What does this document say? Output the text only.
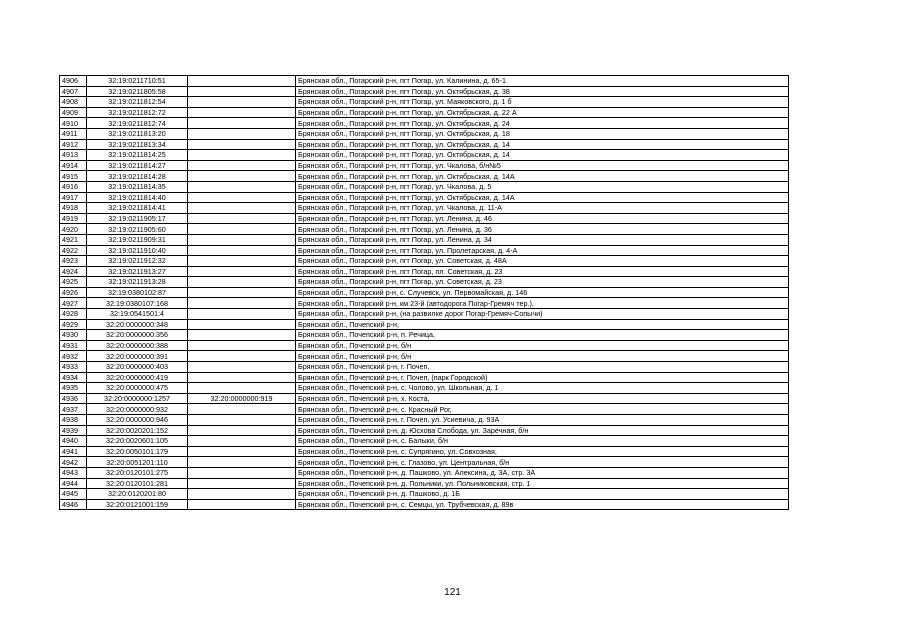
4906	32:19:0211710:51		Брянская обл., Погарский р-н, пгт Погар, ул. Калинина, д. 65-1
4907	32:19:0211805:58		Брянская обл., Погарский р-н, пгт Погар, ул. Октябрьская, д. 38
4908	32:19:0211812:54		Брянская обл., Погарский р-н, пгт Погар, ул. Маяковского, д. 1 б
4909	32:19:0211812:72		Брянская обл., Погарский р-н, пгт Погар, ул. Октябрьская, д. 22 А
4910	32:19:0211812:74		Брянская обл., Погарский р-н, пгт Погар, ул. Октябрьская, д. 24
4911	32:19:0211813:20		Брянская обл., Погарский р-н, пгт Погар, ул. Октябрьская, д. 18
4912	32:19:0211813:34		Брянская обл., Погарский р-н, пгт Погар, ул. Октябрьская, д. 14
4913	32:19:0211814:25		Брянская обл., Погарский р-н, пгт Погар, ул. Октябрьская, д. 14
4914	32:19:0211814:27		Брянская обл., Погарский р-н, пгт Погар, ул. Чкалова, б/н№5
4915	32:19:0211814:28		Брянская обл., Погарский р-н, пгт Погар, ул. Октябрьская, д. 14А
4916	32:19:0211814:35		Брянская обл., Погарский р-н, пгт Погар, ул. Чкалова, д. 5
4917	32:19:0211814:40		Брянская обл., Погарский р-н, пгт Погар, ул. Октябрьская, д. 14А
4918	32:19:0211814:41		Брянская обл., Погарский р-н, пгт Погар, ул. Чкалова, д. 11-А
4919	32:19:0211905:17		Брянская обл., Погарский р-н, пгт Погар, ул. Ленина, д. 46
4920	32:19:0211905:60		Брянская обл., Погарский р-н, пгт Погар, ул. Ленина, д. 36
4921	32:19:0211909:31		Брянская обл., Погарский р-н, пгт Погар, ул. Ленина, д. 34
4922	32:19:0211910:40		Брянская обл., Погарский р-н, пгт Погар, ул. Пролетарская, д. 4-А
4923	32:19:0211912:32		Брянская обл., Погарский р-н, пгт Погар, ул. Советская, д. 48А
4924	32:19:0211913:27		Брянская обл., Погарский р-н, пгт Погар, пл. Советская, д. 23
4925	32:19:0211913:28		Брянская обл., Погарский р-н, пгт Погар, ул. Советская, д. 23
4926	32:19:0380102:87		Брянская обл., Погарский р-н, с. Случевск, ул. Первомайская, д. 146
4927	32:19:0380107:168		Брянская обл., Погарский р-н, км 23-й (автодорога Погар-Гремяч тер.),
4928	32:19:0541501:4		Брянская обл., Погарский р-н, (на развилке дорог Погар-Гремяч-Сопычи)
4929	32:20:0000000:348		Брянская обл., Почепский р-н,
4930	32:20:0000000:356		Брянская обл., Почепский р-н, п. Речица,
4931	32:20:0000000:388		Брянская обл., Почепский р-н, б/н
4932	32:20:0000000:391		Брянская обл., Почепский р-н, б/н
4933	32:20:0000000:403		Брянская обл., Почепский р-н, г. Почеп,
4934	32:20:0000000:419		Брянская обл., Почепский р-н, г. Почеп, (парк Городской)
4935	32:20:0000000:475		Брянская обл., Почепский р-н, с. Чолово, ул. Школьная, д. 1
4936	32:20:0000000:1257	32:20:0000000:919	Брянская обл., Почепский р-н, х. Коста,
4937	32:20:0000000:932		Брянская обл., Почепский р-н, с. Красный Рог,
4938	32:20:0000000:946		Брянская обл., Почепский р-н, г. Почеп, ул. Усиевича, д. 93А
4939	32:20:0020201:152		Брянская обл., Почепский р-н, д. Юсхова Слобода, ул. Заречная, б/н
4940	32:20:0020601:105		Брянская обл., Почепский р-н, с. Балыки, б/н
4941	32:20:0050101:179		Брянская обл., Почепский р-н, с. Супрягино, ул. Совхозная,
4942	32:20:0051201:110		Брянская обл., Почепский р-н, с. Глазово, ул. Центральная, б/н
4943	32:20:0120101:275		Брянская обл., Почепский р-н, д. Пашково, ул. Алексина, д. 3А, стр. 3А
4944	32:20:0120101:281		Брянская обл., Почепский р-н, д. Польники, ул. Польниковская, стр. 1
4945	32:20:0120201:80		Брянская обл., Почепский р-н, д. Пашково, д. 1Б
4946	32:20:0121001:159		Брянская обл., Почепский р-н, с. Семцы, ул. Трубчевская, д. 89в
121
